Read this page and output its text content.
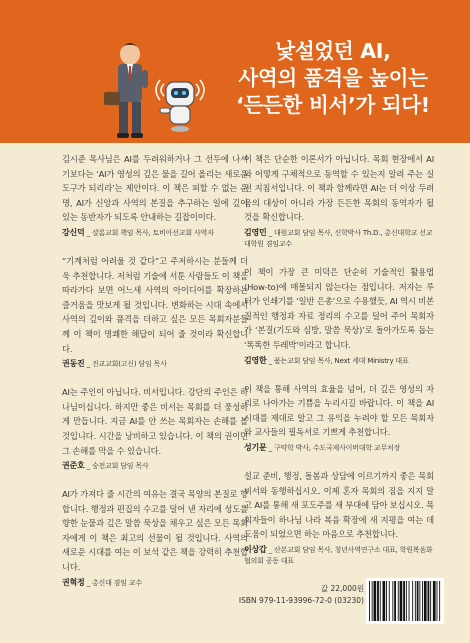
낯설었던 AI,
사역의 품격을 높이는
‘든든한 비서’가 되다!
김시준 목사님은 AI를 두려워하거나 그 선두에 나서기보다는 ‘AI가 영성의 깊은 물을 길어 올리는 새로운 도구가 되리라’는 제안이다. 이 책은 피할 수 없는 운명, AI가 신앙과 사역의 본질을 추구하는 일에 깊이 있는 동반자가 되도록 안내하는 길잡이이다.
강신덕 _ 샬롬교회 책임 목사, 토비아선교회 사역자
“기계처럼 어려울 것 같다”고 주저하시는 분들께 더욱 추천합니다. 저처럼 기술에 서툰 사람들도 이 책을 따라가다 보면 어느새 사역의 아이디어를 확장하는 즐거움을 맛보게 될 것입니다. 변화하는 시대 속에서 사역의 깊이와 품격을 더하고 싶은 모든 목회자분들께 이 책이 명쾌한 해답이 되어 줄 것이라 확신합니다.
권동진 _ 진교교회(고신) 담임 목사
AI는 주인이 아닙니다. 비서입니다. 강단의 주인은 하나님이십니다. 하지만 좋은 비서는 목회를 더 풍성하게 만듭니다. 지금 AI를 안 쓰는 목회자는 손해를 볼 것입니다. 시간을 낭비하고 있습니다. 이 책의 권이면 그 손해를 막을 수 있습니다.
권준호 _ 숭전교회 담임 목사
AI가 가져다 줄 시간의 여유는 결국 목양의 본질로 향합니다. 행정과 편집의 수고를 덜어 낸 자리에 성도를 향한 눈물과 깊은 말씀 묵상을 채우고 싶은 모든 목회자에게 이 책은 최고의 선물이 될 것입니다. 사역의 새로운 시대를 여는 이 보석 같은 책을 강력히 추천합니다.
권혁정 _ 총신대 겸임 교수
이 책은 단순한 이론서가 아닙니다. 목회 현장에서 AI와 어떻게 구체적으로 동역할 수 있는지 알려 주는 실전 지침서입니다. 이 책과 함께라면 AI는 더 이상 두려움의 대상이 아니라 가장 든든한 목회의 동역자가 될 것을 확신합니다.
김영민 _ 대원교회 담임 목사, 신학박사 Th.D., 총신대학교 선교대학원 겸임교수
이 책이 가장 큰 미덕은 단순히 기술적인 활용법(How-to)에 매몰되지 않는다는 점입니다. 저자는 루터가 인쇄기를 ‘일반 은총’으로 수용했듯, AI 역시 비본질적인 행정과 자료 정리의 수고를 덜어 주어 목회자가 ‘본질(기도와 심방, 말씀 묵상)’로 돌아가도록 돕는 ‘똑똑한 두레박’이라고 합니다.
김영한 _ 품는교회 담임 목사, Next 세대 Ministry 대표
이 책을 통해 사역의 효율을 넘어, 더 깊은 영성의 자리로 나아가는 기쁨을 누리시길 바랍니다. 이 책을 AI 시대를 제대로 알고 그 유익을 누려야 할 모든 목회자와 교사들의 필독서로 기쁘게 추천합니다.
성기문 _ 구약학 박사, 수도국제사이버대학 교무처장
설교 준비, 행정, 돌봄과 상담에 이르기까지 좋은 목회 비서와 동행하십시오. 이제 혼자 목회의 짐을 지지 말고 AI를 통해 새 포도주를 새 부대에 담아 보십시오. 목회자들이 하나님 나라 복음 확장에 새 지평을 여는 데 도움이 되었으면 하는 마음으로 추천합니다.
이상갑 _ 산본교회 담임 목사, 청년사역연구소 대표, 학원복음화협의회 공동 대표
값 22,000원
ISBN 979-11-93996-72-0 (03230)
